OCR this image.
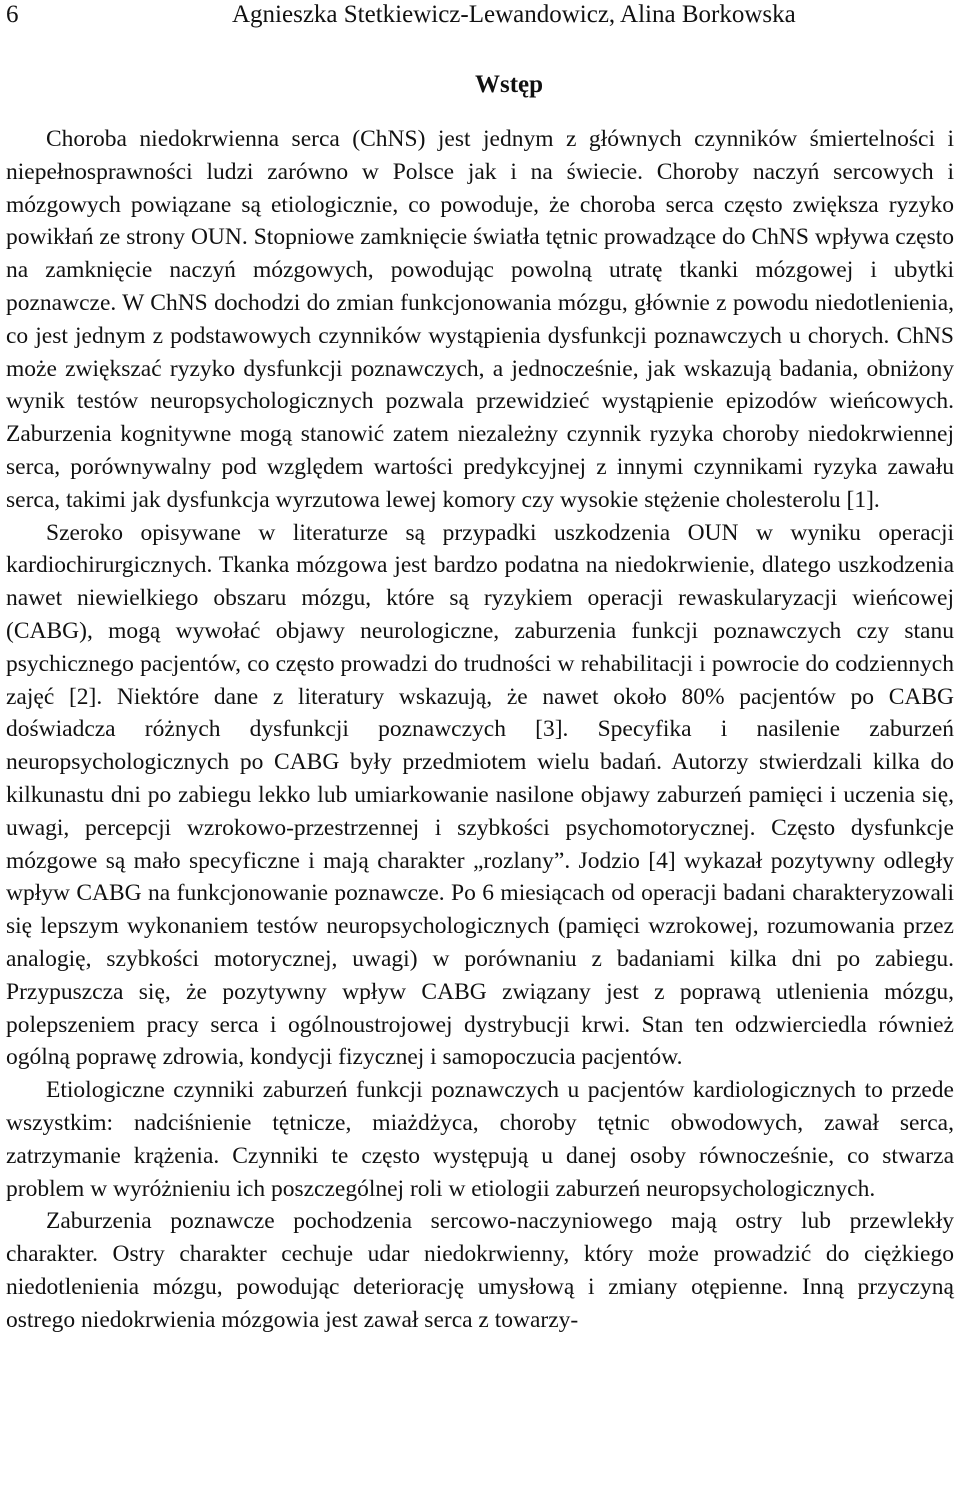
6	Agnieszka Stetkiewicz-Lewandowicz, Alina Borkowska
Wstęp

Choroba niedokrwienna serca (ChNS) jest jednym z głównych czynników śmiertelności i niepełnosprawności ludzi zarówno w Polsce jak i na świecie. Choroby naczyń sercowych i mózgowych powiązane są etiologicznie, co powoduje, że choroba serca często zwiększa ryzyko powikłań ze strony OUN. Stopniowe zamknięcie światła tętnic prowadzące do ChNS wpływa często na zamknięcie naczyń mózgowych, powodując powolną utratę tkanki mózgowej i ubytki poznawcze. W ChNS dochodzi do zmian funkcjonowania mózgu, głównie z powodu niedotlenienia, co jest jednym z podstawowych czynników wystąpienia dysfunkcji poznawczych u chorych. ChNS może zwiększać ryzyko dysfunkcji poznawczych, a jednocześnie, jak wskazują badania, obniżony wynik testów neuropsychologicznych pozwala przewidzieć wystąpienie epizodów wieńcowych. Zaburzenia kognitywne mogą stanowić zatem niezależny czynnik ryzyka choroby niedokrwiennej serca, porównywalny pod względem wartości predykcyjnej z innymi czynnikami ryzyka zawału serca, takimi jak dysfunkcja wyrzutowa lewej komory czy wysokie stężenie cholesterolu [1].

Szeroko opisywane w literaturze są przypadki uszkodzenia OUN w wyniku operacji kardiochirurgicznych. Tkanka mózgowa jest bardzo podatna na niedokrwienie, dlatego uszkodzenia nawet niewielkiego obszaru mózgu, które są ryzykiem operacji rewaskularyzacji wieńcowej (CABG), mogą wywołać objawy neurologiczne, zaburzenia funkcji poznawczych czy stanu psychicznego pacjentów, co często prowadzi do trudności w rehabilitacji i powrocie do codziennych zajęć [2]. Niektóre dane z literatury wskazują, że nawet około 80% pacjentów po CABG doświadcza różnych dysfunkcji poznawczych [3]. Specyfika i nasilenie zaburzeń neuropsychologicznych po CABG były przedmiotem wielu badań. Autorzy stwierdzali kilka do kilkunastu dni po zabiegu lekko lub umiarkowanie nasilone objawy zaburzeń pamięci i uczenia się, uwagi, percepcji wzrokowo-przestrzennej i szybkości psychomotorycznej. Często dysfunkcje mózgowe są mało specyficzne i mają charakter „rozlany”. Jodzio [4] wykazał pozytywny odległy wpływ CABG na funkcjonowanie poznawcze. Po 6 miesiącach od operacji badani charakteryzowali się lepszym wykonaniem testów neuropsychologicznych (pamięci wzrokowej, rozumowania przez analogię, szybkości motorycznej, uwagi) w porównaniu z badaniami kilka dni po zabiegu. Przypuszcza się, że pozytywny wpływ CABG związany jest z poprawą utlenienia mózgu, polepszeniem pracy serca i ogólnoustrojowej dystrybucji krwi. Stan ten odzwierciedla również ogólną poprawę zdrowia, kondycji fizycznej i samopoczucia pacjentów.

Etiologiczne czynniki zaburzeń funkcji poznawczych u pacjentów kardiologicznych to przede wszystkim: nadciśnienie tętnicze, miażdżyca, choroby tętnic obwodowych, zawał serca, zatrzymanie krążenia. Czynniki te często występują u danej osoby równocześnie, co stwarza problem w wyróżnieniu ich poszczególnej roli w etiologii zaburzeń neuropsychologicznych.

Zaburzenia poznawcze pochodzenia sercowo-naczyniowego mają ostry lub przewlekły charakter. Ostry charakter cechuje udar niedokrwienny, który może prowadzić do ciężkiego niedotlenienia mózgu, powodując deteriorację umysłową i zmiany otępienne. Inną przyczyną ostrego niedokrwienia mózgowia jest zawał serca z towarzy-
